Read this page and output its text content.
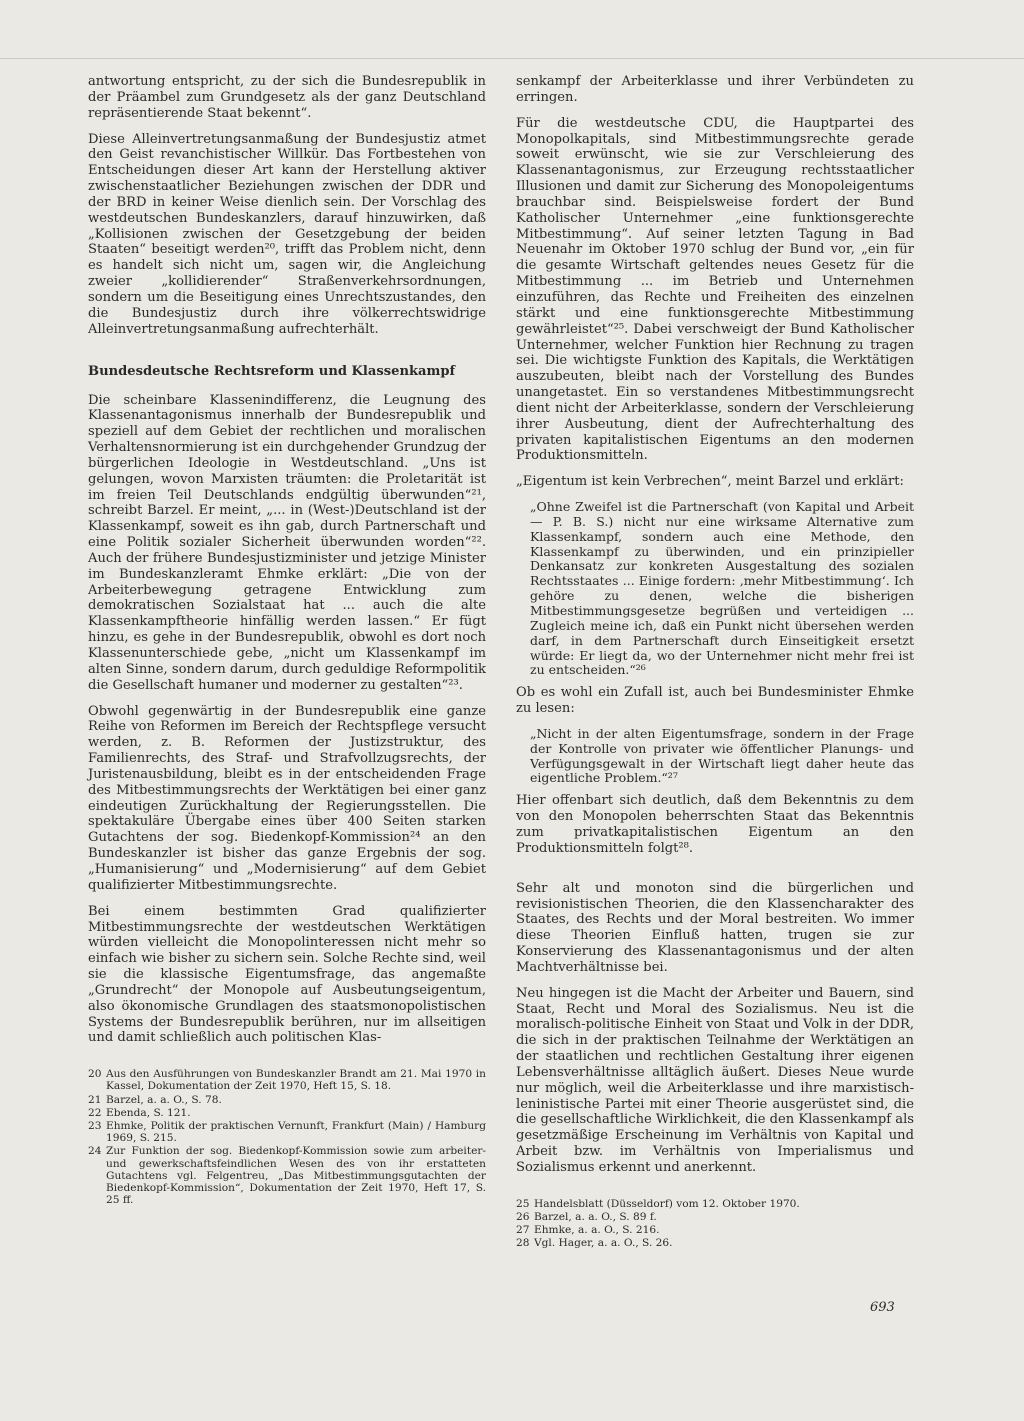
antwortung entspricht, zu der sich die Bundesrepublik in der Präambel zum Grundgesetz als der ganz Deutschland repräsentierende Staat bekennt“.

Diese Alleinvertretungsanmaßung der Bundesjustiz atmet den Geist revanchistischer Willkür. Das Fortbestehen von Entscheidungen dieser Art kann der Herstellung aktiver zwischenstaatlicher Beziehungen zwischen der DDR und der BRD in keiner Weise dienlich sein. Der Vorschlag des westdeutschen Bundeskanzlers, darauf hinzuwirken, daß „Kollisionen zwischen der Gesetzgebung der beiden Staaten“ beseitigt werden²⁰, trifft das Problem nicht, denn es handelt sich nicht um, sagen wir, die Angleichung zweier „kollidierender“ Straßenverkehrsordnungen, sondern um die Beseitigung eines Unrechtszustandes, den die Bundesjustiz durch ihre völkerrechtswidrige Alleinvertretungsanmaßung aufrechterhält.

Bundesdeutsche Rechtsreform und Klassenkampf

Die scheinbare Klassenindifferenz, die Leugnung des Klassenantagonismus innerhalb der Bundesrepublik und speziell auf dem Gebiet der rechtlichen und moralischen Verhaltensnormierung ist ein durchgehender Grundzug der bürgerlichen Ideologie in Westdeutschland. „Uns ist gelungen, wovon Marxisten träumten: die Proletarität ist im freien Teil Deutschlands endgültig überwunden“²¹, schreibt Barzel. Er meint, „... in (West-)Deutschland ist der Klassenkampf, soweit es ihn gab, durch Partnerschaft und eine Politik sozialer Sicherheit überwunden worden“²². Auch der frühere Bundesjustizminister und jetzige Minister im Bundeskanzleramt Ehmke erklärt: „Die von der Arbeiterbewegung getragene Entwicklung zum demokratischen Sozialstaat hat ... auch die alte Klassenkampftheorie hinfällig werden lassen.“ Er fügt hinzu, es gehe in der Bundesrepublik, obwohl es dort noch Klassenunterschiede gebe, „nicht um Klassenkampf im alten Sinne, sondern darum, durch geduldige Reformpolitik die Gesellschaft humaner und moderner zu gestalten“²³.

Obwohl gegenwärtig in der Bundesrepublik eine ganze Reihe von Reformen im Bereich der Rechtspflege versucht werden, z. B. Reformen der Justizstruktur, des Familienrechts, des Straf- und Strafvollzugsrechts, der Juristenausbildung, bleibt es in der entscheidenden Frage des Mitbestimmungsrechts der Werktätigen bei einer ganz eindeutigen Zurückhaltung der Regierungsstellen. Die spektakuläre Übergabe eines über 400 Seiten starken Gutachtens der sog. Biedenkopf-Kommission²⁴ an den Bundeskanzler ist bisher das ganze Ergebnis der sog. „Humanisierung“ und „Modernisierung“ auf dem Gebiet qualifizierter Mitbestimmungsrechte.

Bei einem bestimmten Grad qualifizierter Mitbestimmungsrechte der westdeutschen Werktätigen würden vielleicht die Monopolinteressen nicht mehr so einfach wie bisher zu sichern sein. Solche Rechte sind, weil sie die klassische Eigentumsfrage, das angemaßte „Grundrecht“ der Monopole auf Ausbeutungseigentum, also ökonomische Grundlagen des staatsmonopolistischen Systems der Bundesrepublik berühren, nur im allseitigen und damit schließlich auch politischen Klas-

20 Aus den Ausführungen von Bundeskanzler Brandt am 21. Mai 1970 in Kassel, Dokumentation der Zeit 1970, Heft 15, S. 18.
21 Barzel, a. a. O., S. 78.
22 Ebenda, S. 121.
23 Ehmke, Politik der praktischen Vernunft, Frankfurt (Main) / Hamburg 1969, S. 215.
24 Zur Funktion der sog. Biedenkopf-Kommission sowie zum arbeiter- und gewerkschaftsfeindlichen Wesen des von ihr erstatteten Gutachtens vgl. Felgentreu, „Das Mitbestimmungsgutachten der Biedenkopf-Kommission“, Dokumentation der Zeit 1970, Heft 17, S. 25 ff.

senkampf der Arbeiterklasse und ihrer Verbündeten zu erringen.

Für die westdeutsche CDU, die Hauptpartei des Monopolkapitals, sind Mitbestimmungsrechte gerade soweit erwünscht, wie sie zur Verschleierung des Klassenantagonismus, zur Erzeugung rechtsstaatlicher Illusionen und damit zur Sicherung des Monopoleigentums brauchbar sind. Beispielsweise fordert der Bund Katholischer Unternehmer „eine funktionsgerechte Mitbestimmung“. Auf seiner letzten Tagung in Bad Neuenahr im Oktober 1970 schlug der Bund vor, „ein für die gesamte Wirtschaft geltendes neues Gesetz für die Mitbestimmung ... im Betrieb und Unternehmen einzuführen, das Rechte und Freiheiten des einzelnen stärkt und eine funktionsgerechte Mitbestimmung gewährleistet“²⁵. Dabei verschweigt der Bund Katholischer Unternehmer, welcher Funktion hier Rechnung zu tragen sei. Die wichtigste Funktion des Kapitals, die Werktätigen auszubeuten, bleibt nach der Vorstellung des Bundes unangetastet. Ein so verstandenes Mitbestimmungsrecht dient nicht der Arbeiterklasse, sondern der Verschleierung ihrer Ausbeutung, dient der Aufrechterhaltung des privaten kapitalistischen Eigentums an den modernen Produktionsmitteln.

„Eigentum ist kein Verbrechen“, meint Barzel und erklärt:

„Ohne Zweifel ist die Partnerschaft (von Kapital und Arbeit — P. B. S.) nicht nur eine wirksame Alternative zum Klassenkampf, sondern auch eine Methode, den Klassenkampf zu überwinden, und ein prinzipieller Denkansatz zur konkreten Ausgestaltung des sozialen Rechtsstaates ... Einige fordern: ‚mehr Mitbestimmung‘. Ich gehöre zu denen, welche die bisherigen Mitbestimmungsgesetze begrüßen und verteidigen ... Zugleich meine ich, daß ein Punkt nicht übersehen werden darf, in dem Partnerschaft durch Einseitigkeit ersetzt würde: Er liegt da, wo der Unternehmer nicht mehr frei ist zu entscheiden.“²⁶

Ob es wohl ein Zufall ist, auch bei Bundesminister Ehmke zu lesen:

„Nicht in der alten Eigentumsfrage, sondern in der Frage der Kontrolle von privater wie öffentlicher Planungs- und Verfügungsgewalt in der Wirtschaft liegt daher heute das eigentliche Problem.“²⁷

Hier offenbart sich deutlich, daß dem Bekenntnis zu dem von den Monopolen beherrschten Staat das Bekenntnis zum privatkapitalistischen Eigentum an den Produktionsmitteln folgt²⁸.

Sehr alt und monoton sind die bürgerlichen und revisionistischen Theorien, die den Klassencharakter des Staates, des Rechts und der Moral bestreiten. Wo immer diese Theorien Einfluß hatten, trugen sie zur Konservierung des Klassenantagonismus und der alten Machtverhältnisse bei.

Neu hingegen ist die Macht der Arbeiter und Bauern, sind Staat, Recht und Moral des Sozialismus. Neu ist die moralisch-politische Einheit von Staat und Volk in der DDR, die sich in der praktischen Teilnahme der Werktätigen an der staatlichen und rechtlichen Gestaltung ihrer eigenen Lebensverhältnisse alltäglich äußert. Dieses Neue wurde nur möglich, weil die Arbeiterklasse und ihre marxistisch-leninistische Partei mit einer Theorie ausgerüstet sind, die die gesellschaftliche Wirklichkeit, die den Klassenkampf als gesetzmäßige Erscheinung im Verhältnis von Kapital und Arbeit bzw. im Verhältnis von Imperialismus und Sozialismus erkennt und anerkennt.

25 Handelsblatt (Düsseldorf) vom 12. Oktober 1970.
26 Barzel, a. a. O., S. 89 f.
27 Ehmke, a. a. O., S. 216.
28 Vgl. Hager, a. a. O., S. 26.
693
